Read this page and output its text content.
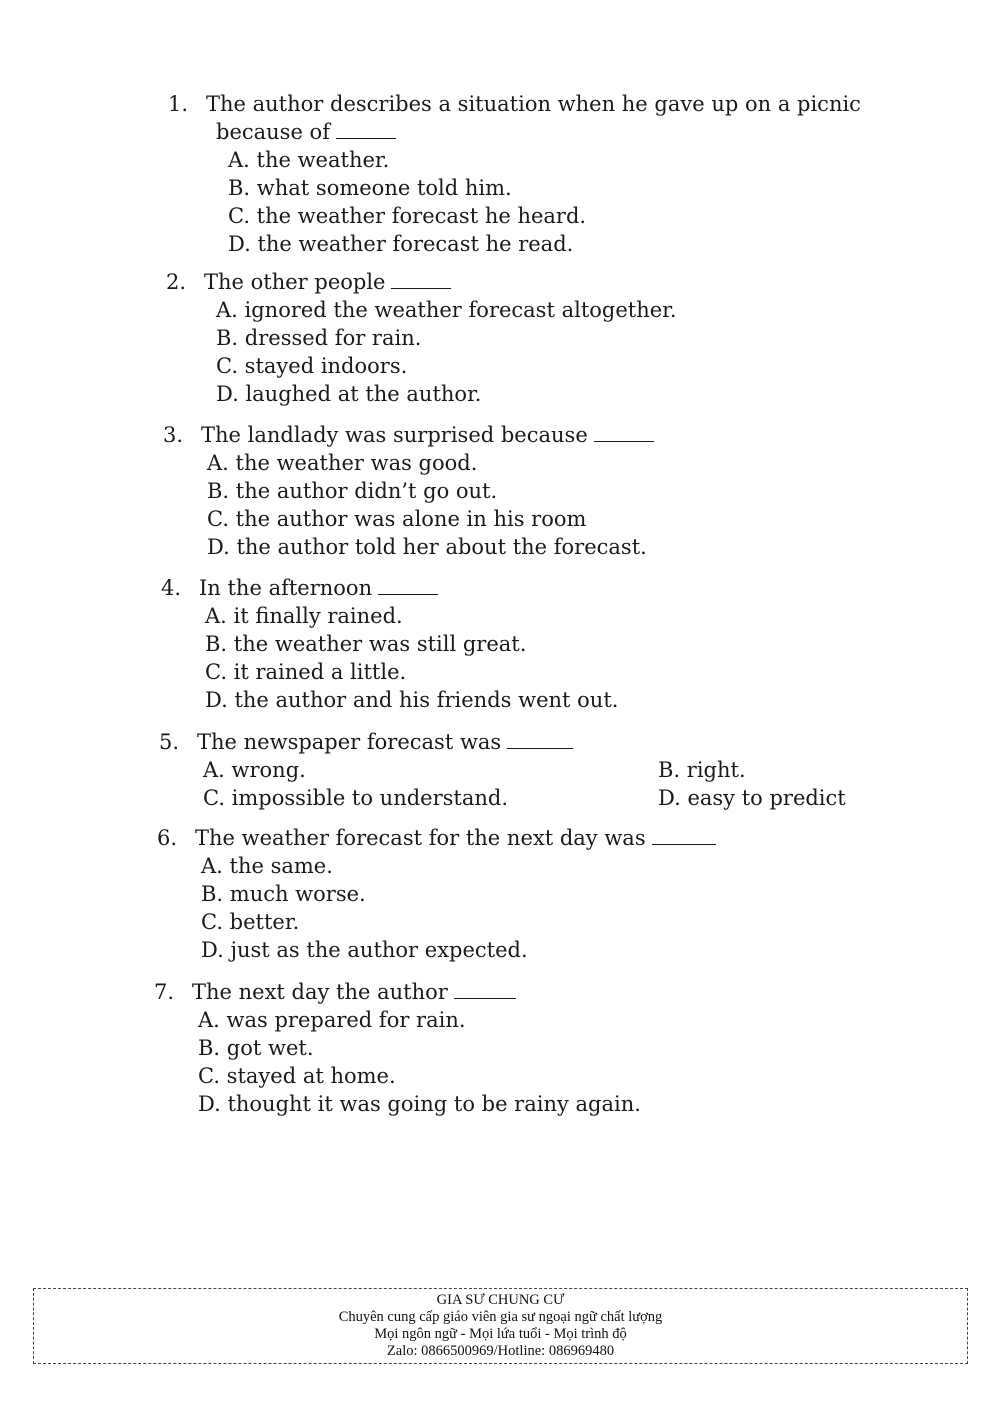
1. The author describes a situation when he gave up on a picnic
because of
A. the weather.
B. what someone told him.
C. the weather forecast he heard.
D. the weather forecast he read.
2. The other people
A. ignored the weather forecast altogether.
B. dressed for rain.
C. stayed indoors.
D. laughed at the author.
3. The landlady was surprised because
A. the weather was good.
B. the author didn’t go out.
C. the author was alone in his room
D. the author told her about the forecast.
4. In the afternoon
A. it finally rained.
B. the weather was still great.
C. it rained a little.
D. the author and his friends went out.
5. The newspaper forecast was
A. wrong.	B. right.
C. impossible to understand.	D. easy to predict
6. The weather forecast for the next day was
A. the same.
B. much worse.
C. better.
D. just as the author expected.
7. The next day the author
A. was prepared for rain.
B. got wet.
C. stayed at home.
D. thought it was going to be rainy again.
GIA SƯ CHUNG CƯ
Chuyên cung cấp giáo viên gia sư ngoại ngữ chất lượng
Mọi ngôn ngữ - Mọi lứa tuổi - Mọi trình độ
Zalo: 0866500969/Hotline: 086969480
